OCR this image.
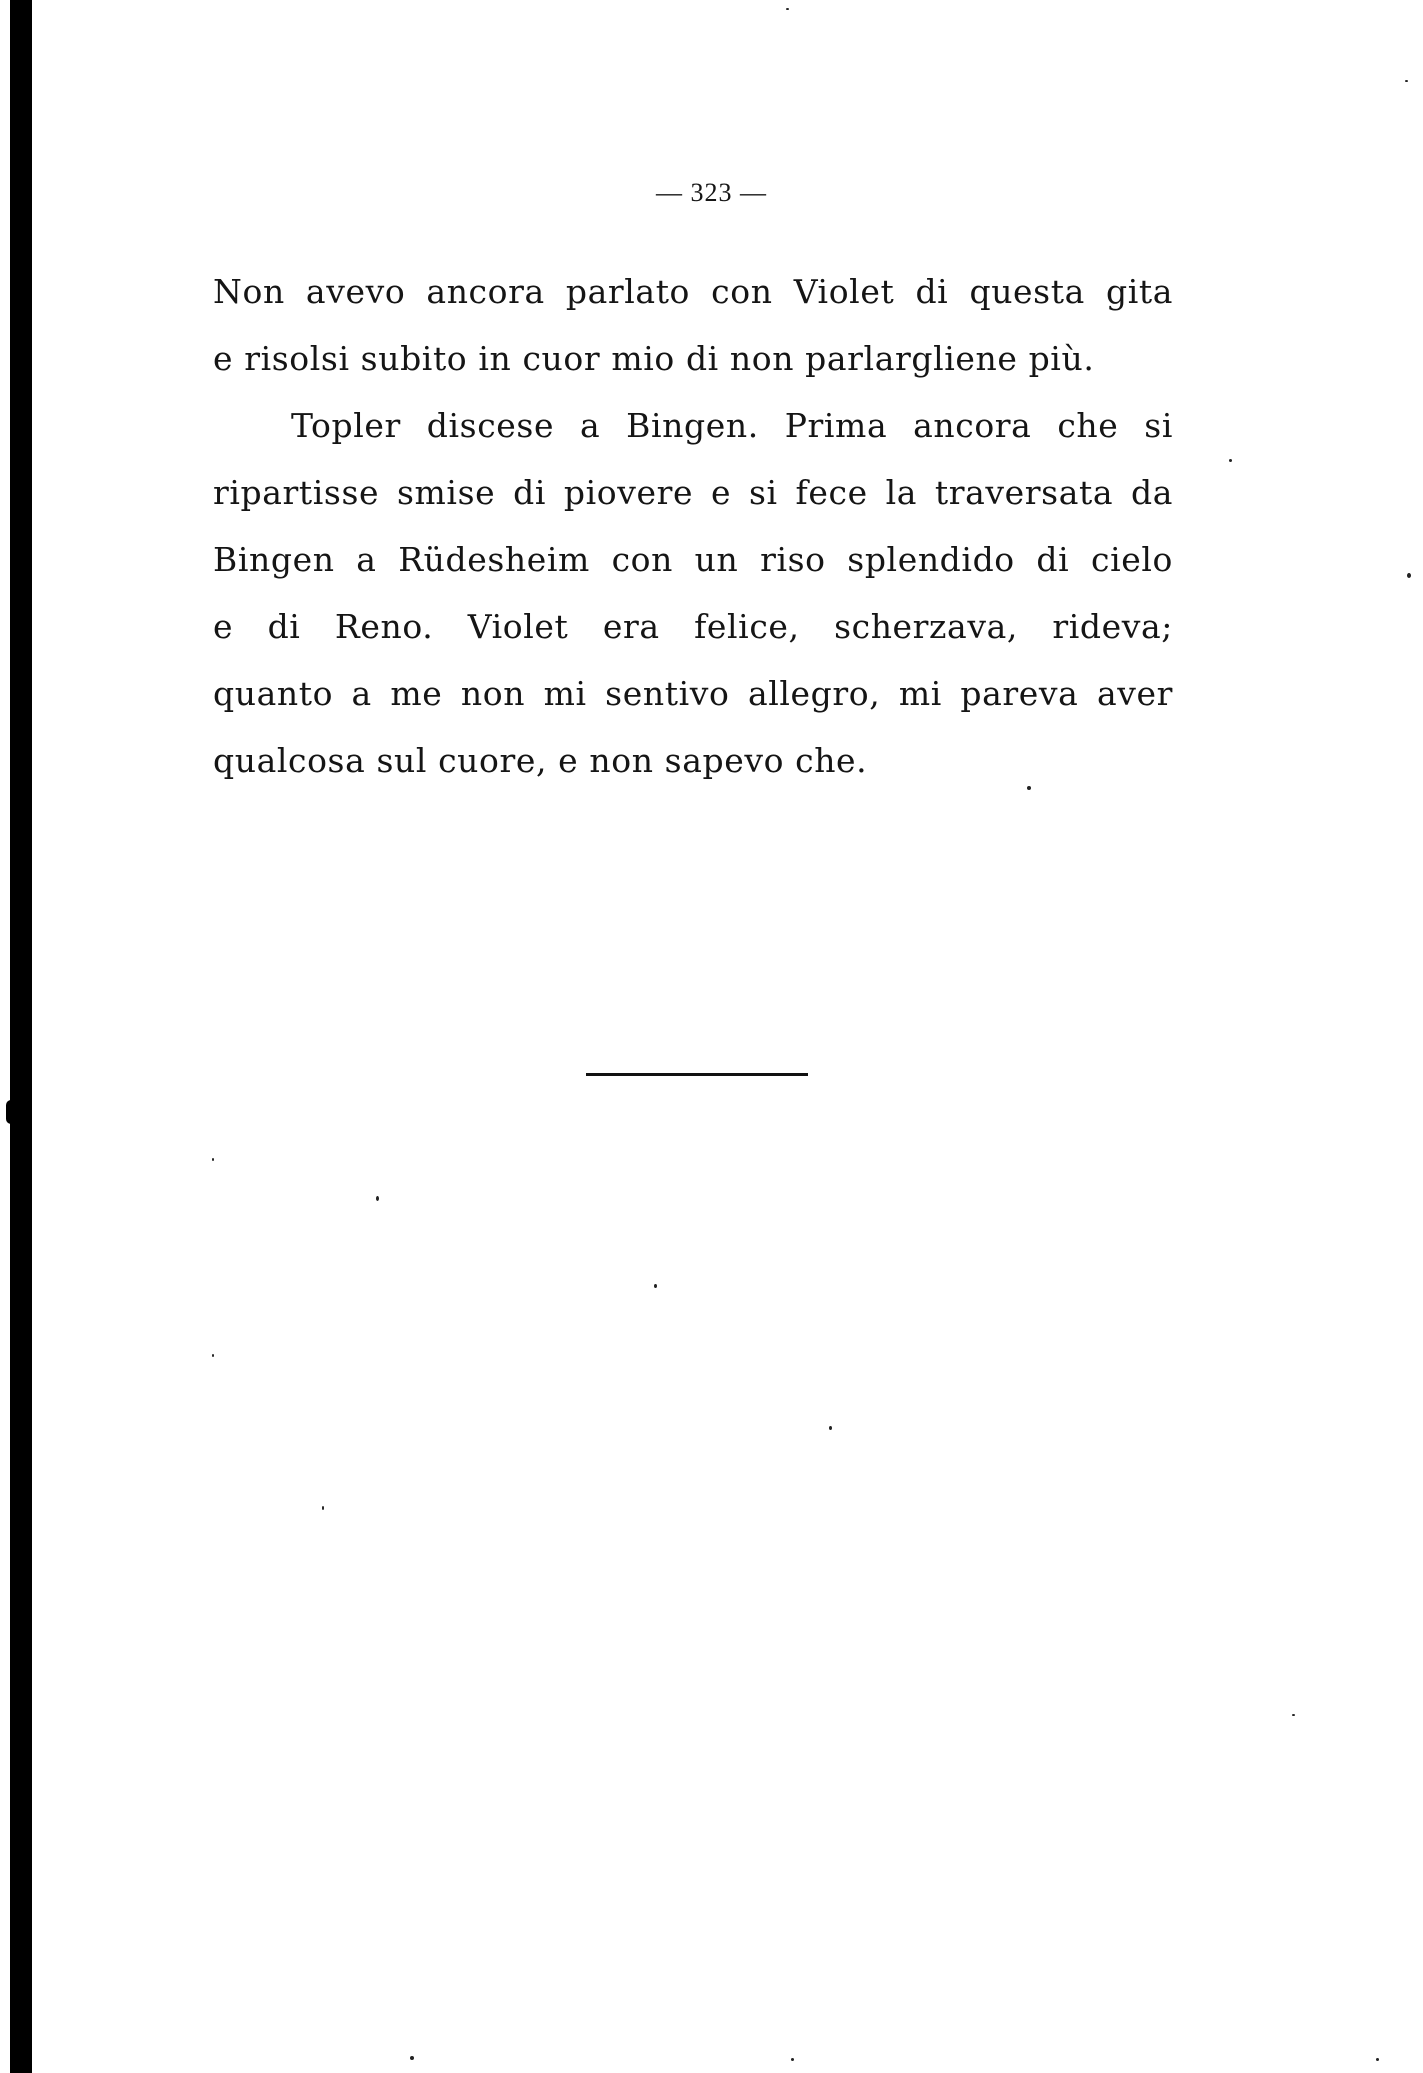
— 323 —
Non avevo ancora parlato con Violet di questa gita
e risolsi subito in cuor mio di non parlargliene più.
Topler discese a Bingen. Prima ancora che si
ripartisse smise di piovere e si fece la traversata da
Bingen a Rüdesheim con un riso splendido di cielo
e di Reno. Violet era felice, scherzava, rideva;
quanto a me non mi sentivo allegro, mi pareva aver
qualcosa sul cuore, e non sapevo che.
